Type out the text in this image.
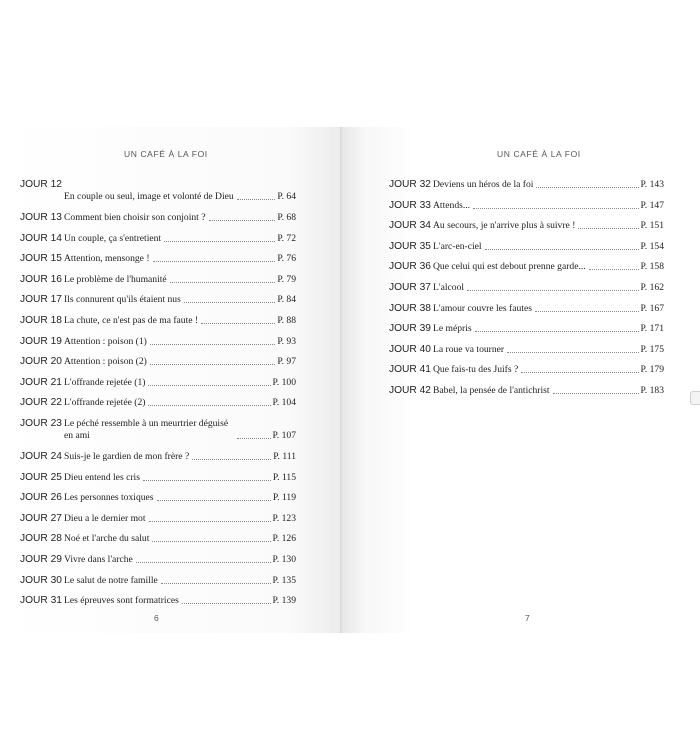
UN CAFÉ À LA FOI
JOUR 12
En couple ou seul, image et volonté de Dieu	P. 64
JOUR 13 Comment bien choisir son conjoint ?	P. 68
JOUR 14 Un couple, ça s'entretient	P. 72
JOUR 15 Attention, mensonge !	P. 76
JOUR 16 Le problème de l'humanité	P. 79
JOUR 17 Ils connurent qu'ils étaient nus	P. 84
JOUR 18 La chute, ce n'est pas de ma faute !	P. 88
JOUR 19 Attention : poison (1)	P. 93
JOUR 20 Attention : poison (2)	P. 97
JOUR 21 L'offrande rejetée (1)	P. 100
JOUR 22 L'offrande rejetée (2)	P. 104
JOUR 23 Le péché ressemble à un meurtrier déguisé en ami	P. 107
JOUR 24 Suis-je le gardien de mon frère ?	P. 111
JOUR 25 Dieu entend les cris	P. 115
JOUR 26 Les personnes toxiques	P. 119
JOUR 27 Dieu a le dernier mot	P. 123
JOUR 28 Noé et l'arche du salut	P. 126
JOUR 29 Vivre dans l'arche	P. 130
JOUR 30 Le salut de notre famille	P. 135
JOUR 31 Les épreuves sont formatrices	P. 139
6
UN CAFÉ À LA FOI
JOUR 32 Deviens un héros de la foi	P. 143
JOUR 33 Attends...	P. 147
JOUR 34 Au secours, je n'arrive plus à suivre !	P. 151
JOUR 35 L'arc-en-ciel	P. 154
JOUR 36 Que celui qui est debout prenne garde...	P. 158
JOUR 37 L'alcool	P. 162
JOUR 38 L'amour couvre les fautes	P. 167
JOUR 39 Le mépris	P. 171
JOUR 40 La roue va tourner	P. 175
JOUR 41 Que fais-tu des Juifs ?	P. 179
JOUR 42 Babel, la pensée de l'antichrist	P. 183
7
